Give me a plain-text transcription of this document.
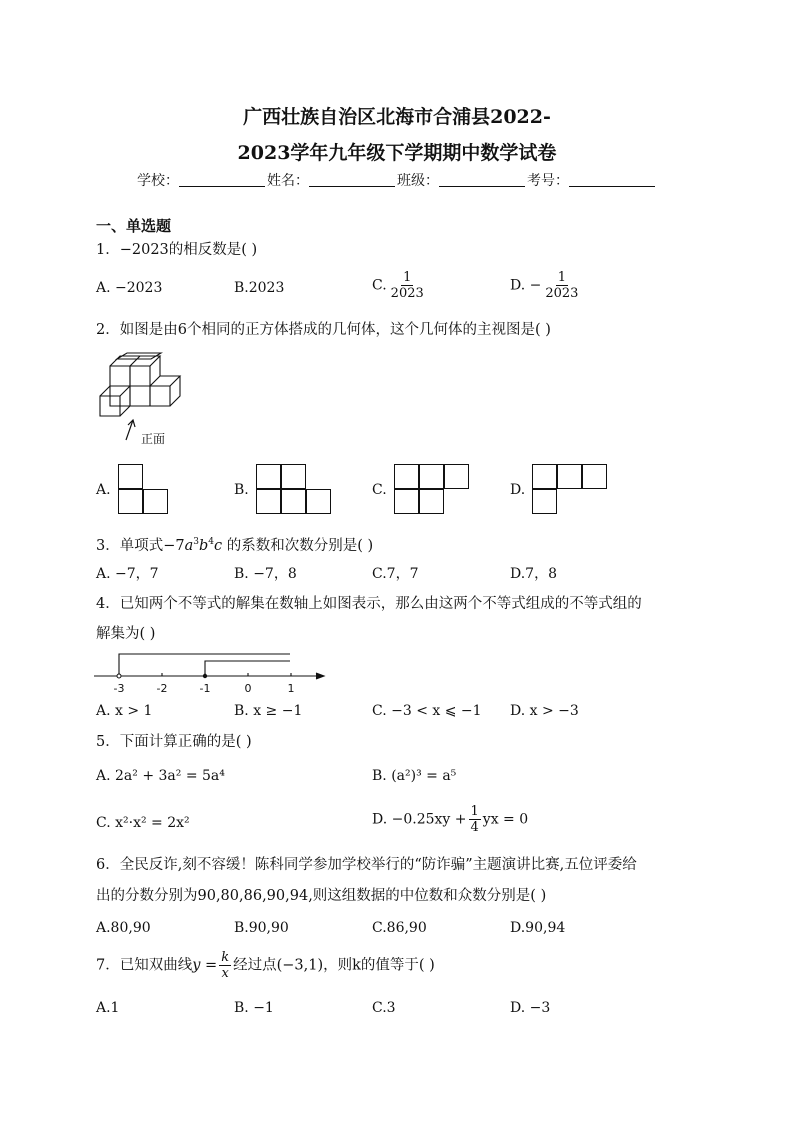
广西壮族自治区北海市合浦县2022-
2023学年九年级下学期期中数学试卷
学校：	姓名：	班级：	考号：
一、单选题
1．−2023的相反数是( )
A. −2023	B.2023	C. $\frac{1}{2023}$	D. − $\frac{1}{2023}$
2．如图是由6个相同的正方体搭成的几何体，这个几何体的主视图是( )
正面
A.	B.	C.	D.
3．单项式$-7a^3b^4c$ 的系数和次数分别是( )
A. −7，7	B. −7，8	C.7，7	D.7，8
4．已知两个不等式的解集在数轴上如图表示，那么由这两个不等式组成的不等式组的
解集为( )
-3	-2	-1	0	1
A. x > 1	B. x ≥ −1	C. −3 < x ⩽ −1 D. x > −3
5．下面计算正确的是( )
A. 2a² + 3a² = 5a⁴	B. (a²)³ = a⁵
C. x²·x² = 2x²	D. $-0.25xy + \frac{1}{4}$ yx = 0
6．全民反诈,刻不容缓！陈科同学参加学校举行的“防诈骗”主题演讲比赛,五位评委给
出的分数分别为90,80,86,90,94,则这组数据的中位数和众数分别是( )
A.80,90	B.90,90	C.86,90	D.90,94
7．已知双曲线$y = \frac{k}{x}$ 经过点(−3,1)，则k的值等于( )
A.1	B. −1	C.3	D. −3
